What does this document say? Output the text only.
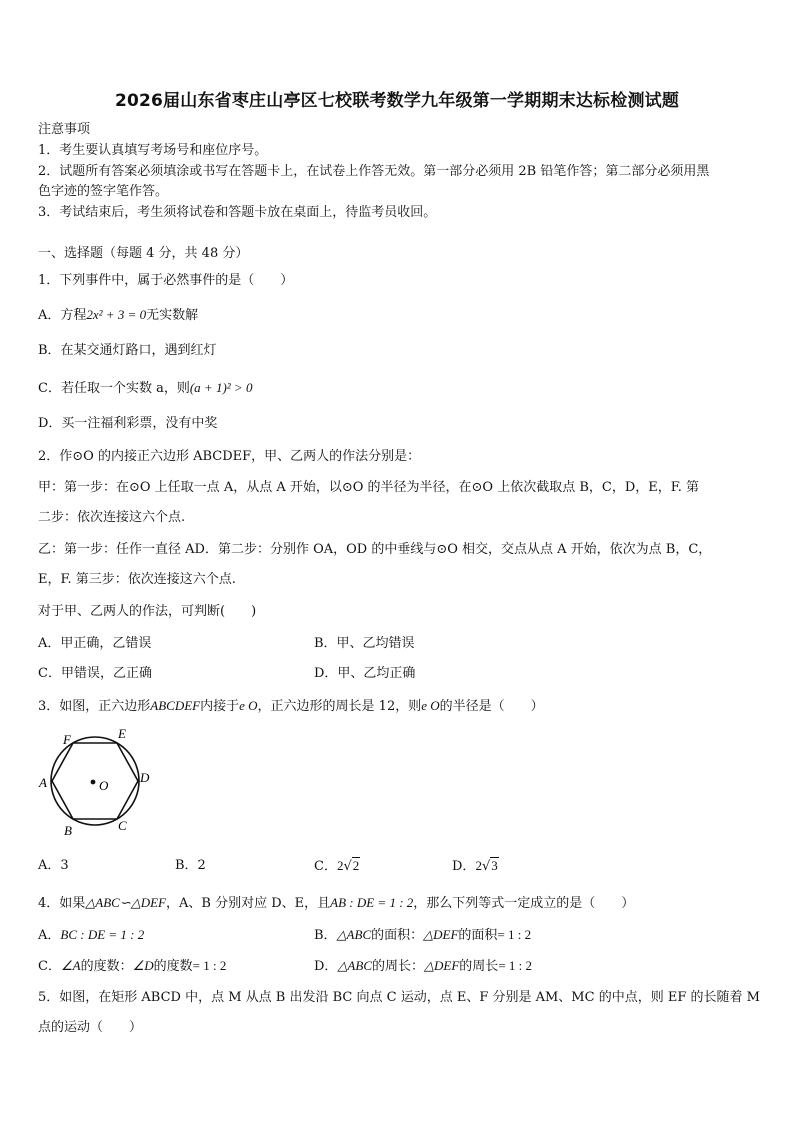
2026届山东省枣庄山亭区七校联考数学九年级第一学期期末达标检测试题
注意事项
1．考生要认真填写考场号和座位序号。
2．试题所有答案必须填涂或书写在答题卡上，在试卷上作答无效。第一部分必须用 2B 铅笔作答；第二部分必须用黑
色字迹的签字笔作答。
3．考试结束后，考生须将试卷和答题卡放在桌面上，待监考员收回。
一、选择题（每题 4 分，共 48 分）
1．下列事件中，属于必然事件的是（　　）
A．方程2x² + 3 = 0无实数解
B．在某交通灯路口，遇到红灯
C．若任取一个实数 a，则(a + 1)² > 0
D．买一注福利彩票，没有中奖
2．作⊙O 的内接正六边形 ABCDEF，甲、乙两人的作法分别是：
甲：第一步：在⊙O 上任取一点 A，从点 A 开始，以⊙O 的半径为半径，在⊙O 上依次截取点 B，C，D，E，F. 第
二步：依次连接这六个点.
乙：第一步：任作一直径 AD．第二步：分别作 OA，OD 的中垂线与⊙O 相交，交点从点 A 开始，依次为点 B，C，
E，F. 第三步：依次连接这六个点.
对于甲、乙两人的作法，可判断(　　)
A．甲正确，乙错误	B．甲、乙均错误
C．甲错误，乙正确	D．甲、乙均正确
3．如图，正六边形ABCDEF内接于e O，正六边形的周长是 12，则e O的半径是（　　）
A
B	C
D
E
F
O
A．3	B．2	C．2√2	D．2√3
4．如果△ABC∽△DEF，A、B 分别对应 D、E，且AB : DE = 1 : 2，那么下列等式一定成立的是（　　）
A．BC : DE = 1 : 2	B．△ABC的面积：△DEF的面积= 1 : 2
C．∠A的度数：∠D的度数= 1 : 2	D．△ABC的周长：△DEF的周长= 1 : 2
5．如图，在矩形 ABCD 中，点 M 从点 B 出发沿 BC 向点 C 运动，点 E、F 分别是 AM、MC 的中点，则 EF 的长随着 M
点的运动（　　）
